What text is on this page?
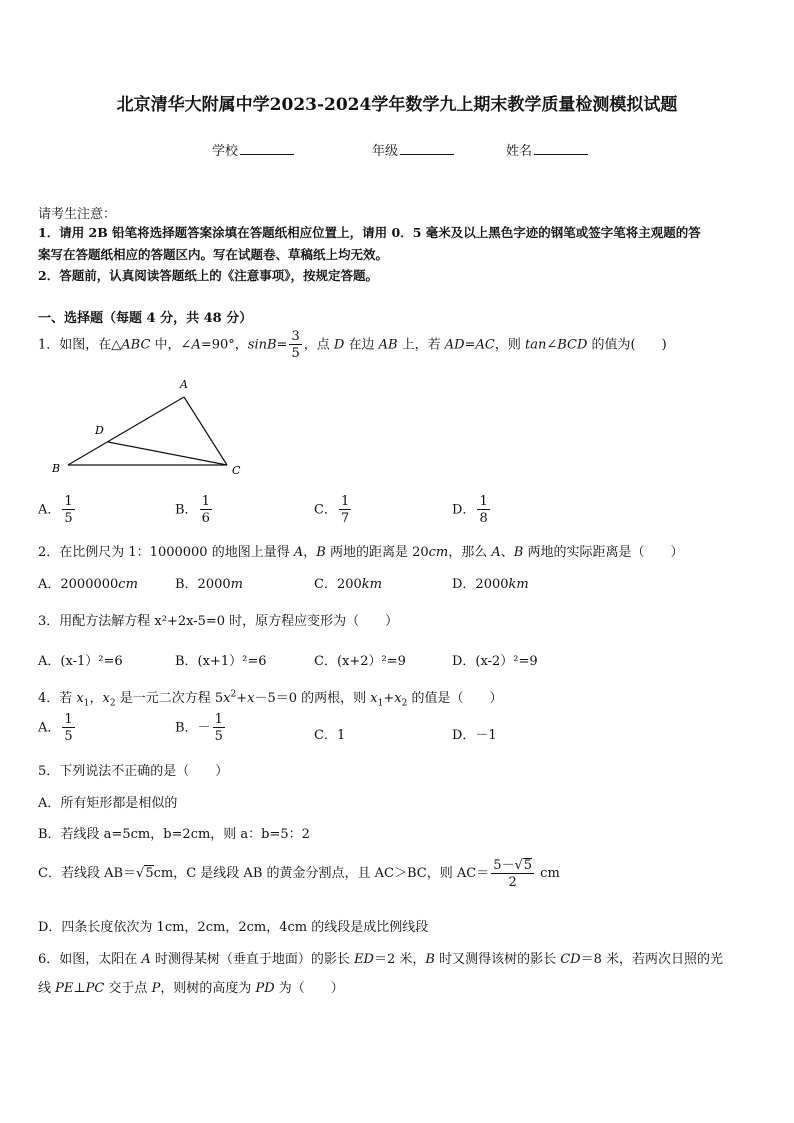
北京清华大附属中学2023-2024学年数学九上期末教学质量检测模拟试题
学校	年级	姓名
请考生注意：
1．请用 2B 铅笔将选择题答案涂填在答题纸相应位置上，请用 0．5 毫米及以上黑色字迹的钢笔或签字笔将主观题的答
案写在答题纸相应的答题区内。写在试题卷、草稿纸上均无效。
2．答题前，认真阅读答题纸上的《注意事项》，按规定答题。
一、选择题（每题 4 分，共 48 分）
1．如图，在△ABC 中，∠A=90°，$\sin B= \frac{3}{5}$ ，点 D 在边 AB 上，若 AD=AC，则 tan∠BCD 的值为(　　)
A
B	C
D
A． $\frac{1}{5}$	B． $\frac{1}{6}$	C． $\frac{1}{7}$	D． $\frac{1}{8}$
2．在比例尺为 1：1000000 的地图上量得 A，B 两地的距离是 20cm，那么 A、B 两地的实际距离是（　　）
A．2000000cm	B．2000m	C．200km	D．2000km
3．用配方法解方程 x²+2x-5=0 时，原方程应变形为（　　）
A．(x-1）²=6	B．(x+1）²=6	C．(x+2）²=9	D．(x-2）²=9
4．若 $x_1$，$x_2$ 是一元二次方程 $5x^2+x-5=0$ 的两根，则 $x_1+x_2$ 的值是（　　）
A． $\frac{1}{5}$	B．－ $\frac{1}{5}$	C．1	D．－1
5．下列说法不正确的是（　　）
A．所有矩形都是相似的
B．若线段 a=5cm，b=2cm，则 a：b=5：2
C．若线段 AB＝√5cm，C 是线段 AB 的黄金分割点，且 AC＞BC，则 $AC= \frac{5-√5}{2}$ cm
D．四条长度依次为 1cm，2cm，2cm，4cm 的线段是成比例线段
6．如图，太阳在 A 时测得某树（垂直于地面）的影长 ED＝2 米，B 时又测得该树的影长 CD＝8 米，若两次日照的光
线 PE⊥PC 交于点 P，则树的高度为 PD 为（　　）
